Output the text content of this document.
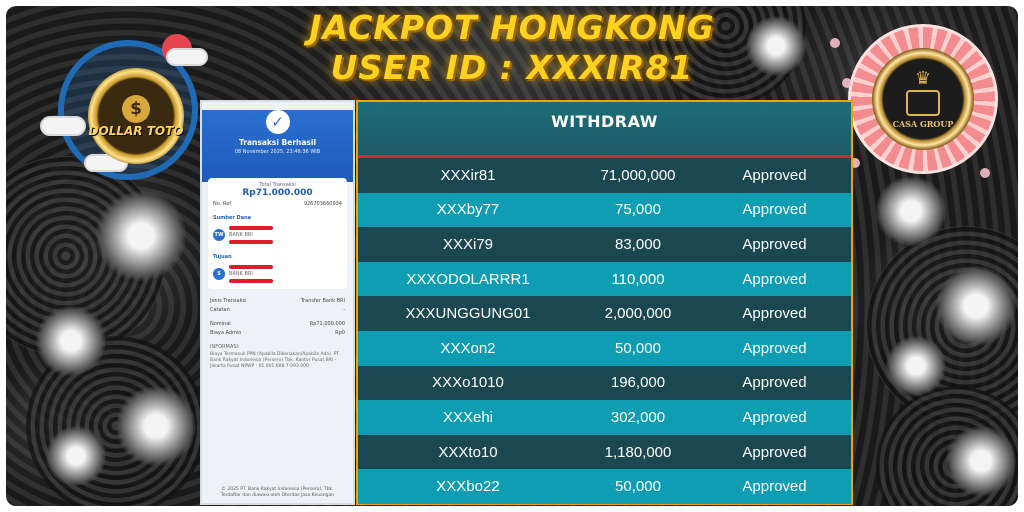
JACKPOT HONGKONG
USER ID : XXXIR81
$
DOLLAR TOTO
♛
CASA GROUP
✓
Transaksi Berhasil
08 November 2025, 23:46:36 WIB
Total Transaksi
Rp71.000.000
No. Ref	926703660934
Sumber Dana
TW	BANK BRI
Tujuan
S	BANK BRI
Jenis Transaksi	Transfer Bank BRI
Catatan	-
Nominal	Rp71.000.000
Biaya Admin	Rp0
INFORMASI:
Biaya Termasuk PPN (Apabila Dikenakan/Apabila Ada). PT. Bank Rakyat Indonesia (Persero) Tbk. Kantor Pusat BRI - Jakarta Pusat NPWP : 01.001.608.7-093.000
© 2025 PT. Bank Rakyat Indonesia (Persero), Tbk.
Terdaftar dan diawasi oleh Otoritas Jasa Keuangan
WITHDRAW
XXXir81	71,000,000	Approved
XXXby77	75,000	Approved
XXXi79	83,000	Approved
XXXODOLARRR1	110,000	Approved
XXXUNGGUNG01	2,000,000	Approved
XXXon2	50,000	Approved
XXXo1010	196,000	Approved
XXXehi	302,000	Approved
XXXto10	1,180,000	Approved
XXXbo22	50,000	Approved
